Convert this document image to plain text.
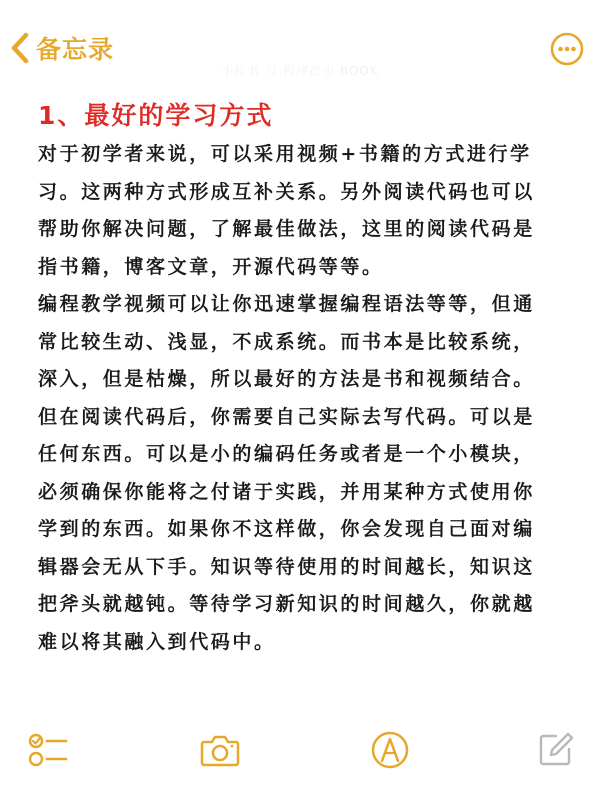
备忘录
小红书 号:程序员小 BOOK
1、最好的学习方式

对于初学者来说，可以采用视频+书籍的方式进行学

习。这两种方式形成互补关系。另外阅读代码也可以

帮助你解决问题，了解最佳做法，这里的阅读代码是

指书籍，博客文章，开源代码等等。

编程教学视频可以让你迅速掌握编程语法等等，但通

常比较生动、浅显，不成系统。而书本是比较系统，

深入，但是枯燥，所以最好的方法是书和视频结合。

但在阅读代码后，你需要自己实际去写代码。可以是

任何东西。可以是小的编码任务或者是一个小模块，

必须确保你能将之付诸于实践，并用某种方式使用你

学到的东西。如果你不这样做，你会发现自己面对编

辑器会无从下手。知识等待使用的时间越长，知识这

把斧头就越钝。等待学习新知识的时间越久，你就越

难以将其融入到代码中。
